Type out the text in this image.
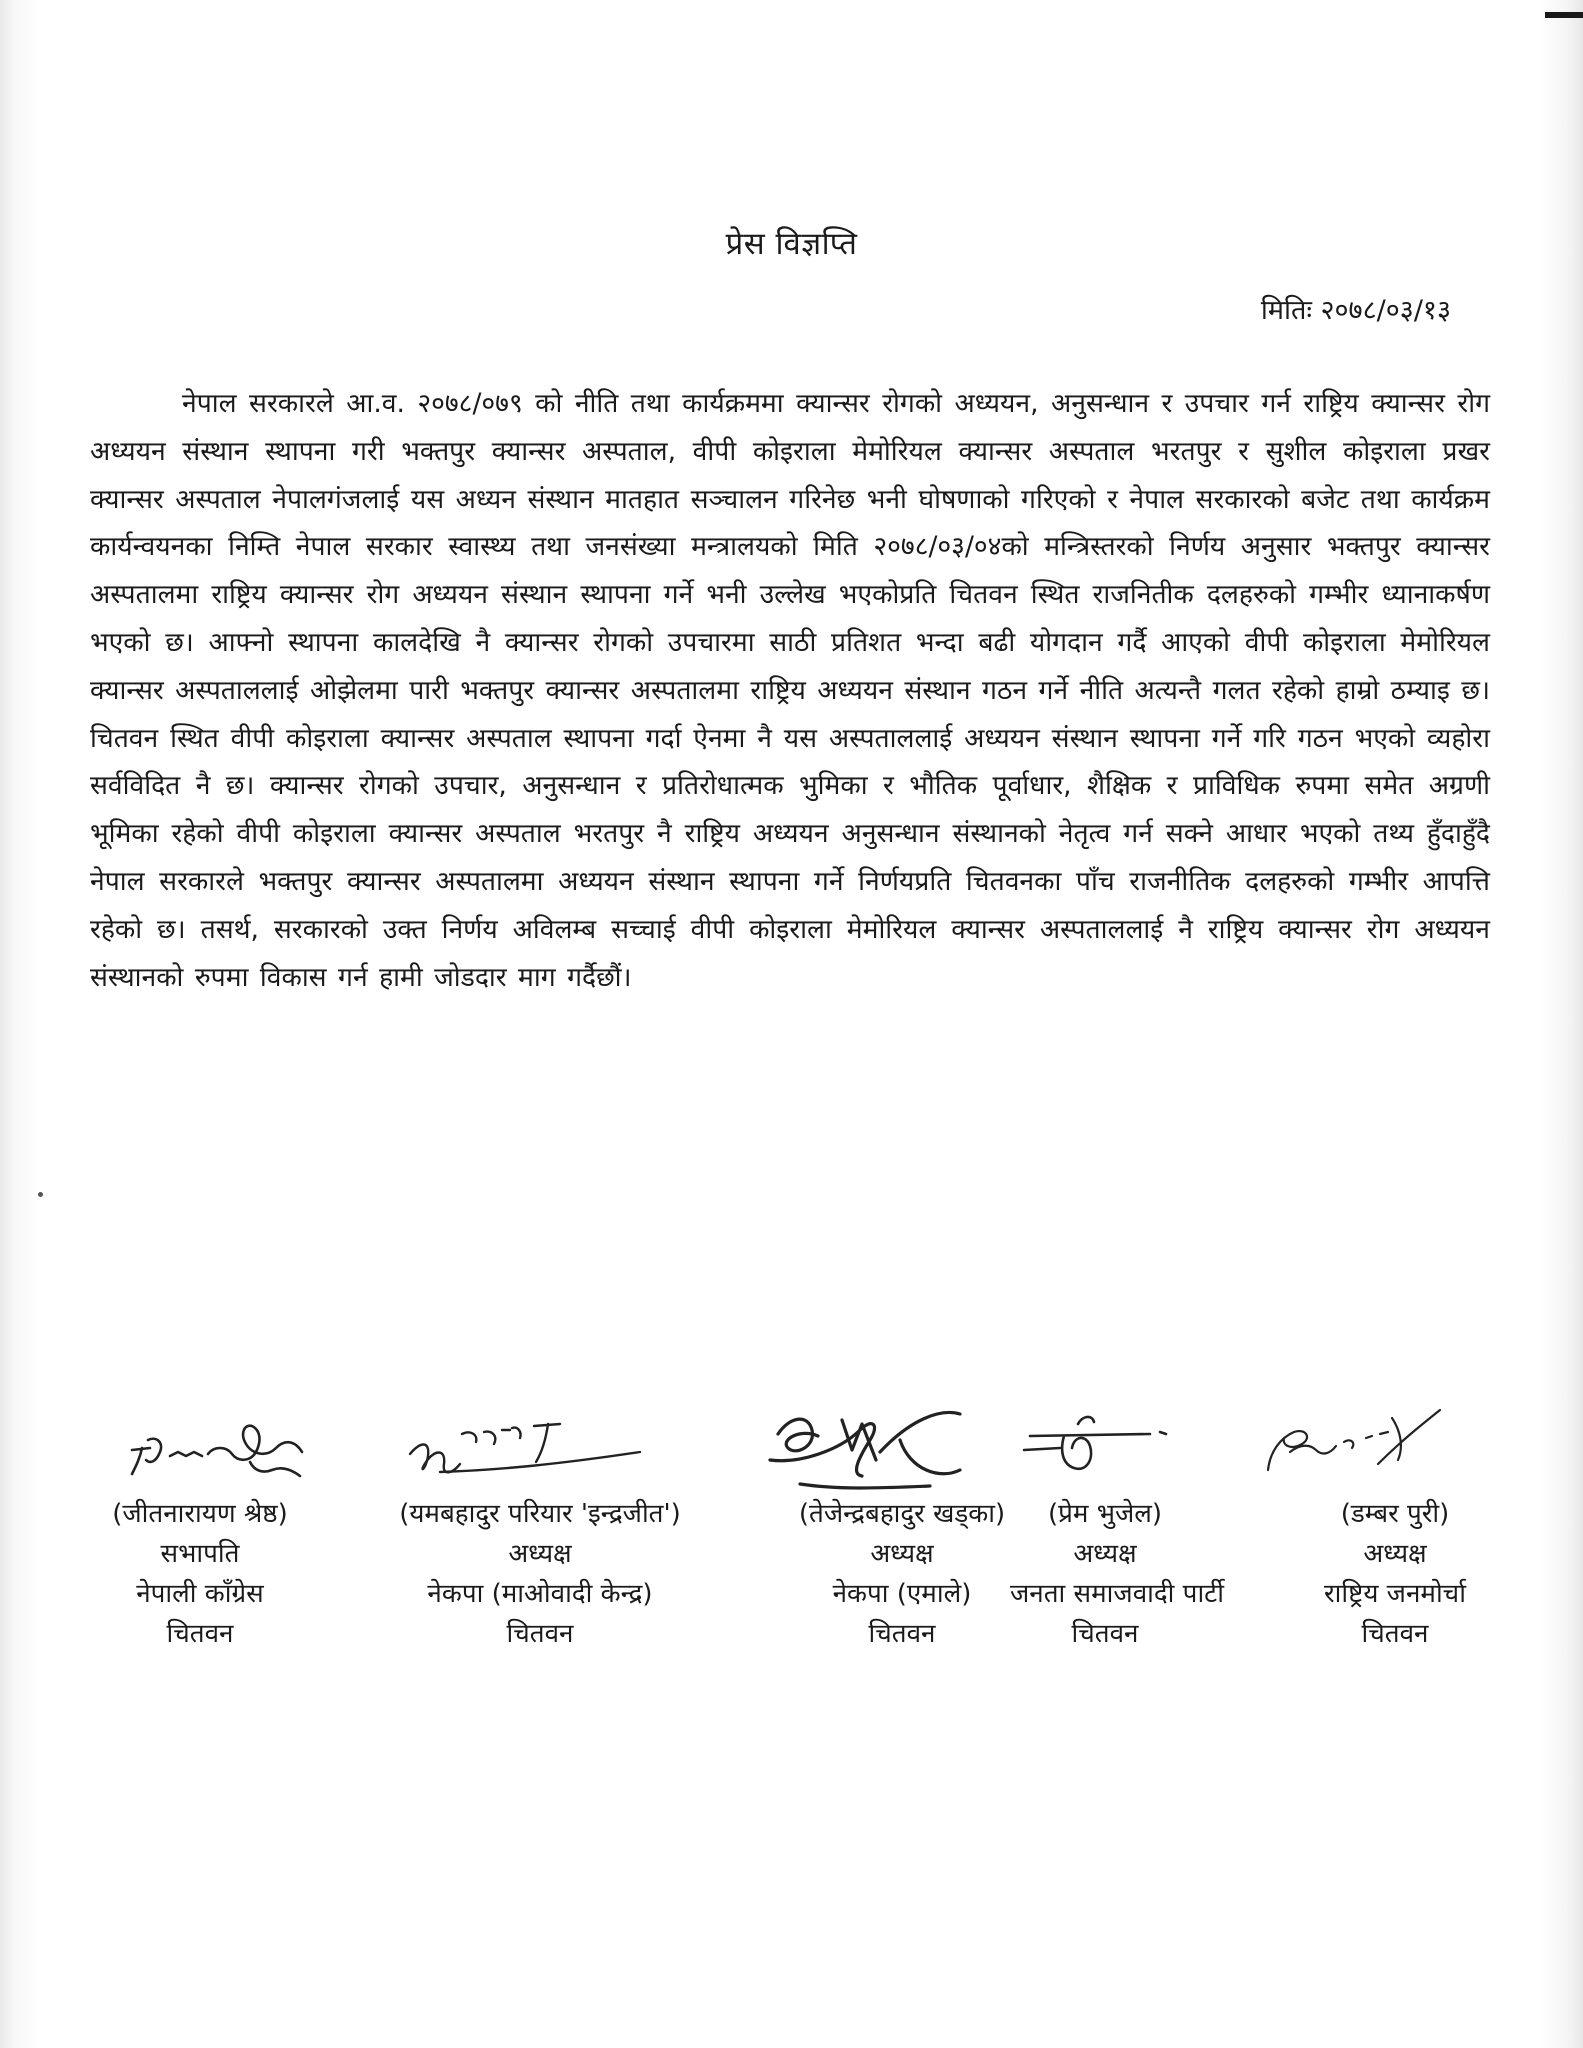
प्रेस विज्ञप्ति
मितिः २०७८/०३/१३

नेपाल सरकारले आ.व. २०७८/०७९ को नीति तथा कार्यक्रममा क्यान्सर रोगको अध्ययन, अनुसन्धान र उपचार गर्न राष्ट्रिय क्यान्सर रोग अध्ययन संस्थान स्थापना गरी भक्तपुर क्यान्सर अस्पताल, वीपी कोइराला मेमोरियल क्यान्सर अस्पताल भरतपुर र सुशील कोइराला प्रखर क्यान्सर अस्पताल नेपालगंजलाई यस अध्यन संस्थान मातहात सञ्चालन गरिनेछ भनी घोषणाको गरिएको र नेपाल सरकारको बजेट तथा कार्यक्रम कार्यन्वयनका निम्ति नेपाल सरकार स्वास्थ्य तथा जनसंख्या मन्त्रालयको मिति २०७८/०३/०४को मन्त्रिस्तरको निर्णय अनुसार भक्तपुर क्यान्सर अस्पतालमा राष्ट्रिय क्यान्सर रोग अध्ययन संस्थान स्थापना गर्ने भनी उल्लेख भएकोप्रति चितवन स्थित राजनितीक दलहरुको गम्भीर ध्यानाकर्षण भएको छ। आफ्नो स्थापना कालदेखि नै क्यान्सर रोगको उपचारमा साठी प्रतिशत भन्दा बढी योगदान गर्दै आएको वीपी कोइराला मेमोरियल क्यान्सर अस्पताललाई ओझेलमा पारी भक्तपुर क्यान्सर अस्पतालमा राष्ट्रिय अध्ययन संस्थान गठन गर्ने नीति अत्यन्तै गलत रहेको हाम्रो ठम्याइ छ। चितवन स्थित वीपी कोइराला क्यान्सर अस्पताल स्थापना गर्दा ऐनमा नै यस अस्पताललाई अध्ययन संस्थान स्थापना गर्ने गरि गठन भएको व्यहोरा सर्वविदित नै छ। क्यान्सर रोगको उपचार, अनुसन्धान र प्रतिरोधात्मक भुमिका र भौतिक पूर्वाधार, शैक्षिक र प्राविधिक रुपमा समेत अग्रणी भूमिका रहेको वीपी कोइराला क्यान्सर अस्पताल भरतपुर नै राष्ट्रिय अध्ययन अनुसन्धान संस्थानको नेतृत्व गर्न सक्ने आधार भएको तथ्य हुँदाहुँदै नेपाल सरकारले भक्तपुर क्यान्सर अस्पतालमा अध्ययन संस्थान स्थापना गर्ने निर्णयप्रति चितवनका पाँच राजनीतिक दलहरुको गम्भीर आपत्ति रहेको छ। तसर्थ, सरकारको उक्त निर्णय अविलम्ब सच्चाई वीपी कोइराला मेमोरियल क्यान्सर अस्पताललाई नै राष्ट्रिय क्यान्सर रोग अध्ययन संस्थानको रुपमा विकास गर्न हामी जोडदार माग गर्दैछौं।

(जीतनारायण श्रेष्ठ)
सभापति
नेपाली काँग्रेस
चितवन
(यमबहादुर परियार 'इन्द्रजीत')
अध्यक्ष
नेकपा (माओवादी केन्द्र)
चितवन
(तेजेन्द्रबहादुर खड्का)
अध्यक्ष
नेकपा (एमाले)
चितवन
(प्रेम भुजेल)
अध्यक्ष
जनता समाजवादी पार्टी
चितवन
(डम्बर पुरी)
अध्यक्ष
राष्ट्रिय जनमोर्चा
चितवन
